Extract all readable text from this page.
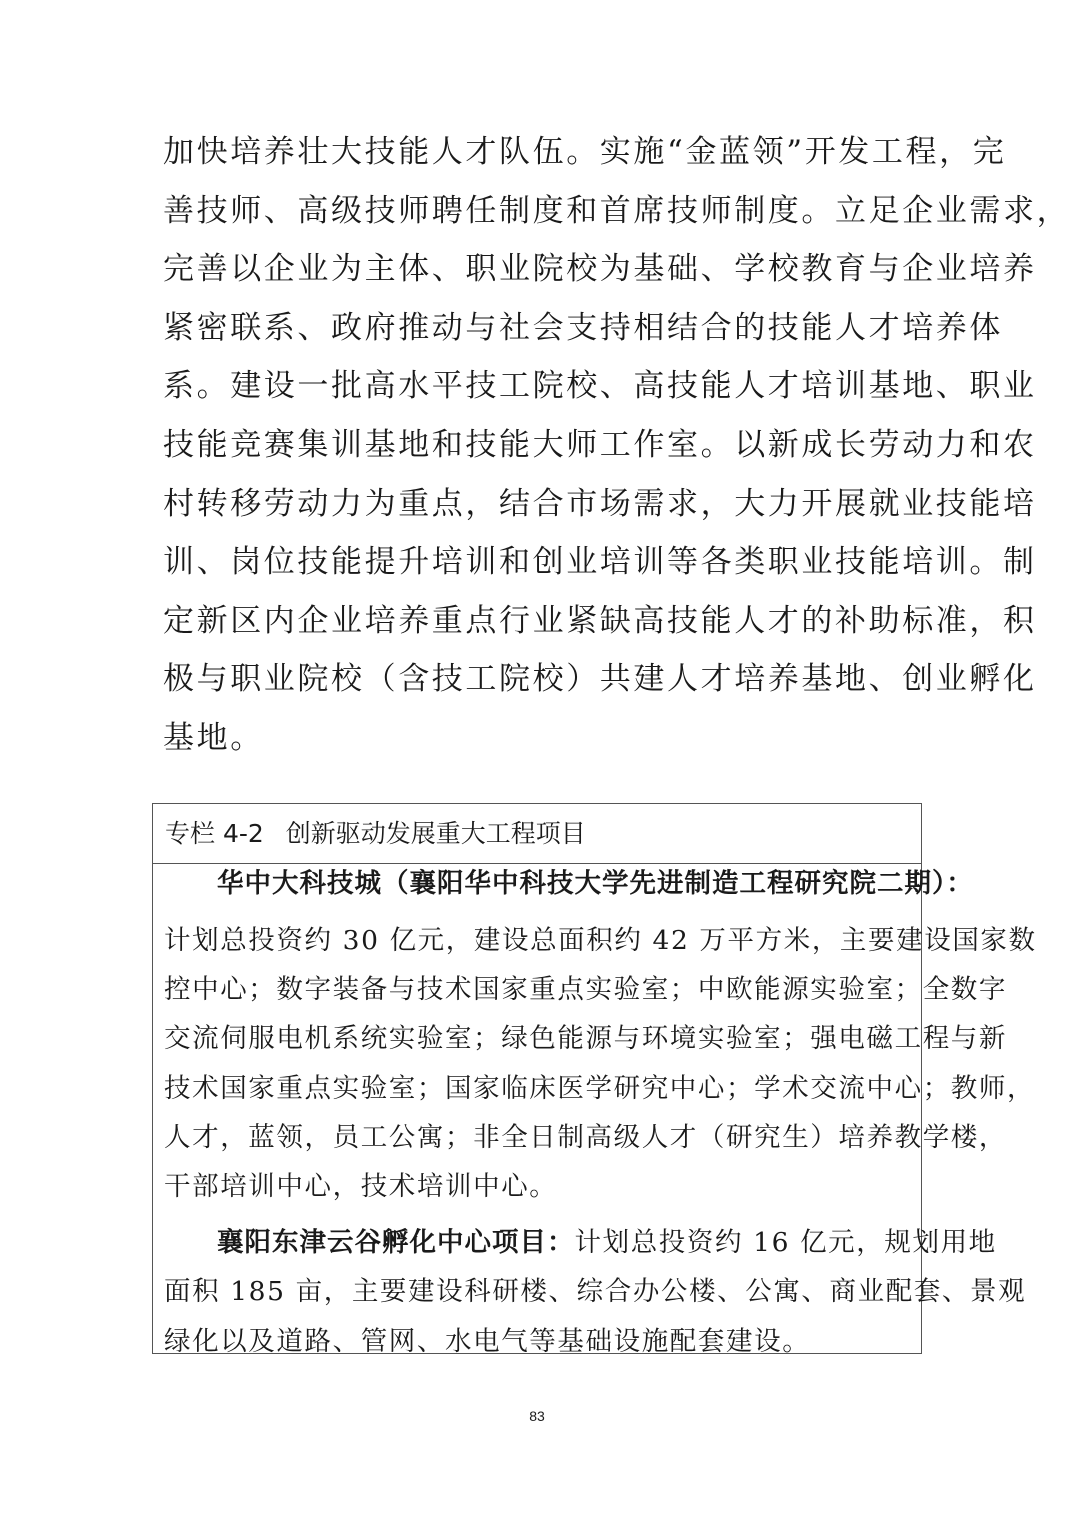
加快培养壮大技能人才队伍。实施“金蓝领”开发工程，完
善技师、高级技师聘任制度和首席技师制度。立足企业需求，
完善以企业为主体、职业院校为基础、学校教育与企业培养
紧密联系、政府推动与社会支持相结合的技能人才培养体
系。建设一批高水平技工院校、高技能人才培训基地、职业
技能竞赛集训基地和技能大师工作室。以新成长劳动力和农
村转移劳动力为重点，结合市场需求，大力开展就业技能培
训、岗位技能提升培训和创业培训等各类职业技能培训。制
定新区内企业培养重点行业紧缺高技能人才的补助标准，积
极与职业院校（含技工院校）共建人才培养基地、创业孵化
基地。
专栏 4-2 创新驱动发展重大工程项目
华中大科技城（襄阳华中科技大学先进制造工程研究院二期）：
计划总投资约 30 亿元，建设总面积约 42 万平方米，主要建设国家数
控中心；数字装备与技术国家重点实验室；中欧能源实验室；全数字
交流伺服电机系统实验室；绿色能源与环境实验室；强电磁工程与新
技术国家重点实验室；国家临床医学研究中心；学术交流中心；教师，
人才，蓝领，员工公寓；非全日制高级人才（研究生）培养教学楼，
干部培训中心，技术培训中心。
襄阳东津云谷孵化中心项目：计划总投资约 16 亿元，规划用地
面积 185 亩，主要建设科研楼、综合办公楼、公寓、商业配套、景观
绿化以及道路、管网、水电气等基础设施配套建设。
83
